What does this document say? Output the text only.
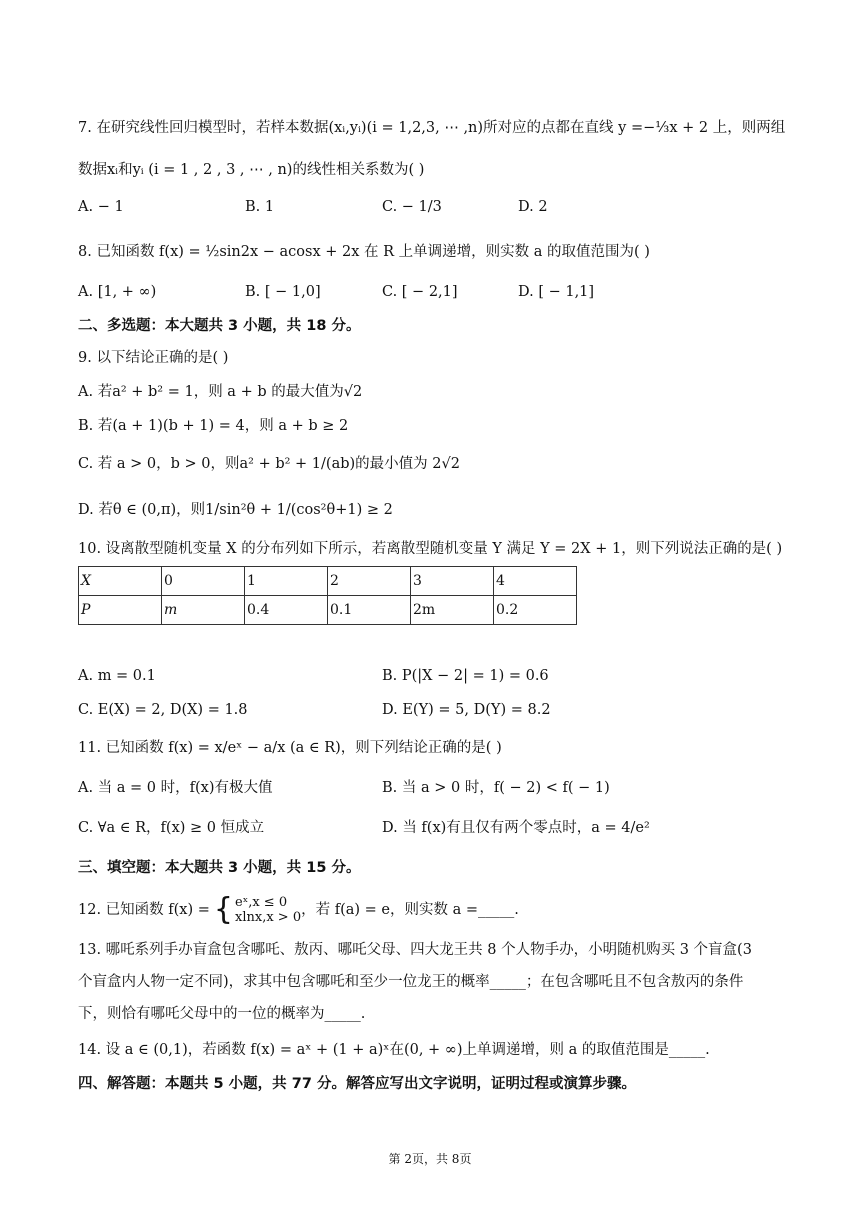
7. 在研究线性回归模型时，若样本数据(xᵢ,yᵢ)(i = 1,2,3, ⋯ ,n)所对应的点都在直线 y =−⅓x + 2 上，则两组
数据xᵢ和yᵢ (i = 1 , 2 , 3 , ⋯ , n)的线性相关系数为( )
A. − 1	B. 1	C. − 1/3	D. 2
8. 已知函数 f(x) = ½sin2x − acosx + 2x 在 R 上单调递增，则实数 a 的取值范围为( )
A. [1, + ∞)	B. [ − 1,0]	C. [ − 2,1]	D. [ − 1,1]
二、多选题：本大题共 3 小题，共 18 分。
9. 以下结论正确的是( )
A. 若a² + b² = 1，则 a + b 的最大值为√2
B. 若(a + 1)(b + 1) = 4，则 a + b ≥ 2
C. 若 a > 0，b > 0，则a² + b² + 1/(ab)的最小值为 2√2
D. 若θ ∈ (0,π)，则1/sin²θ + 1/(cos²θ+1) ≥ 2
10. 设离散型随机变量 X 的分布列如下所示，若离散型随机变量 Y 满足 Y = 2X + 1，则下列说法正确的是( )
X	0	1	2	3	4
P	m	0.4	0.1	2m	0.2
A. m = 0.1	B. P(|X − 2| = 1) = 0.6
C. E(X) = 2, D(X) = 1.8	D. E(Y) = 5, D(Y) = 8.2
11. 已知函数 f(x) = x/eˣ − a/x (a ∈ R)，则下列结论正确的是( )
A. 当 a = 0 时，f(x)有极大值	B. 当 a > 0 时，f( − 2) < f( − 1)
C. ∀a ∈ R，f(x) ≥ 0 恒成立	D. 当 f(x)有且仅有两个零点时，a = 4/e²
三、填空题：本大题共 3 小题，共 15 分。
12. 已知函数 f(x) = { eˣ,x ≤ 0
xlnx,x > 0 ，若 f(a) = e，则实数 a =_____.
13. 哪吒系列手办盲盒包含哪吒、敖丙、哪吒父母、四大龙王共 8 个人物手办，小明随机购买 3 个盲盒(3
个盲盒内人物一定不同)，求其中包含哪吒和至少一位龙王的概率_____；在包含哪吒且不包含敖丙的条件
下，则恰有哪吒父母中的一位的概率为_____.
14. 设 a ∈ (0,1)，若函数 f(x) = aˣ + (1 + a)ˣ在(0, + ∞)上单调递增，则 a 的取值范围是_____.
四、解答题：本题共 5 小题，共 77 分。解答应写出文字说明，证明过程或演算步骤。
第 2页，共 8页
